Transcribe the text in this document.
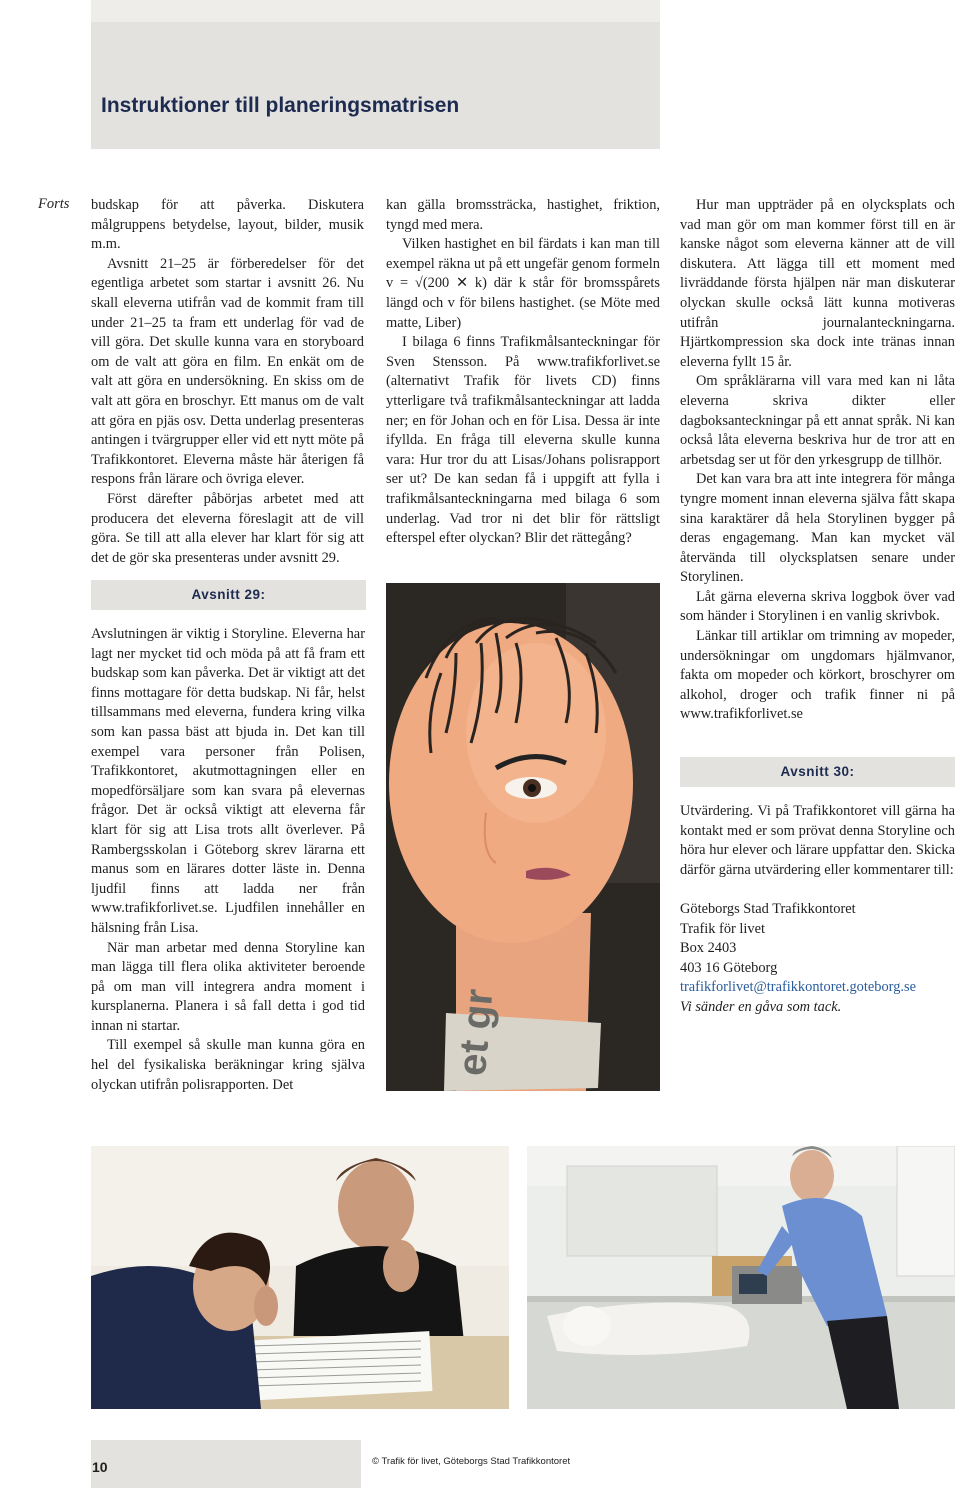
Instruktioner till planeringsmatrisen
Forts budskap för att påverka. Diskutera målgruppens betydelse, layout, bilder, musik m.m.

Avsnitt 21–25 är förberedelser för det egentliga arbetet som startar i avsnitt 26. Nu skall eleverna utifrån vad de kommit fram till under 21–25 ta fram ett underlag för vad de vill göra. Det skulle kunna vara en storyboard om de valt att göra en film. En enkät om de valt att göra en undersökning. En skiss om de valt att göra en broschyr. Ett manus om de valt att göra en pjäs osv. Detta underlag presenteras antingen i tvärgrupper eller vid ett nytt möte på Trafikkontoret. Eleverna måste här återigen få respons från lärare och övriga elever.

Först därefter påbörjas arbetet med att producera det eleverna föreslagit att de vill göra. Se till att alla elever har klart för sig att det de gör ska presenteras under avsnitt 29.

Avsnitt 29:

Avslutningen är viktig i Storyline. Eleverna har lagt ner mycket tid och möda på att få fram ett budskap som kan påverka. Det är viktigt att det finns mottagare för detta budskap. Ni får, helst tillsammans med eleverna, fundera kring vilka som kan passa bäst att bjuda in. Det kan till exempel vara personer från Polisen, Trafikkontoret, akutmottagningen eller en mopedförsäljare som kan svara på elevernas frågor. Det är också viktigt att eleverna får klart för sig att Lisa trots allt överlever. På Rambergsskolan i Göteborg skrev lärarna ett manus som en lärares dotter läste in. Denna ljudfil finns att ladda ner från www.trafikforlivet.se. Ljudfilen innehåller en hälsning från Lisa.

När man arbetar med denna Storyline kan man lägga till flera olika aktiviteter beroende på om man vill integrera andra moment i kursplanerna. Planera i så fall detta i god tid innan ni startar.

Till exempel så skulle man kunna göra en hel del fysikaliska beräkningar kring själva olyckan utifrån polisrapporten. Det

kan gälla bromssträcka, hastighet, friktion, tyngd med mera.

Vilken hastighet en bil färdats i kan man till exempel räkna ut på ett ungefär genom formeln v = √(200 ✕ k) där k står för bromsspårets längd och v för bilens hastighet. (se Möte med matte, Liber)

I bilaga 6 finns Trafikmålsanteckningar för Sven Stensson. På www.trafikforlivet.se (alternativt Trafik för livets CD) finns ytterligare två trafikmålsanteckningar att ladda ner; en för Johan och en för Lisa. Dessa är inte ifyllda. En fråga till eleverna skulle kunna vara: Hur tror du att Lisas/Johans polisrapport ser ut? De kan sedan få i uppgift att fylla i trafikmålsanteckningarna med bilaga 6 som underlag. Vad tror ni det blir för rättsligt efterspel efter olyckan? Blir det rättegång?

et gr

Hur man uppträder på en olycksplats och vad man gör om man kommer först till en är kanske något som eleverna känner att de vill diskutera. Att lägga till ett moment med livräddande första hjälpen när man diskuterar olyckan skulle också lätt kunna motiveras utifrån journalanteckningarna. Hjärtkompression ska dock inte tränas innan eleverna fyllt 15 år.

Om språklärarna vill vara med kan ni låta eleverna skriva dikter eller dagboksanteckningar på ett annat språk. Ni kan också låta eleverna beskriva hur de tror att en arbetsdag ser ut för den yrkesgrupp de tillhör.

Det kan vara bra att inte integrera för många tyngre moment innan eleverna själva fått skapa sina karaktärer då hela Storylinen bygger på deras engagemang. Man kan mycket väl återvända till olycksplatsen senare under Storylinen.

Låt gärna eleverna skriva loggbok över vad som händer i Storylinen i en vanlig skrivbok.

Länkar till artiklar om trimning av mopeder, undersökningar om ungdomars hjälmvanor, fakta om mopeder och körkort, broschyrer om alkohol, droger och trafik finner ni på www.trafikforlivet.se

Avsnitt 30:

Utvärdering. Vi på Trafikkontoret vill gärna ha kontakt med er som prövat denna Storyline och höra hur elever och lärare uppfattar den. Skicka därför gärna utvärdering eller kommentarer till:

Göteborgs Stad Trafikkontoret

Trafik för livet

Box 2403

403 16 Göteborg

trafikforlivet@trafikkontoret.goteborg.se

Vi sänder en gåva som tack.

10	© Trafik för livet, Göteborgs Stad Trafikkontoret
